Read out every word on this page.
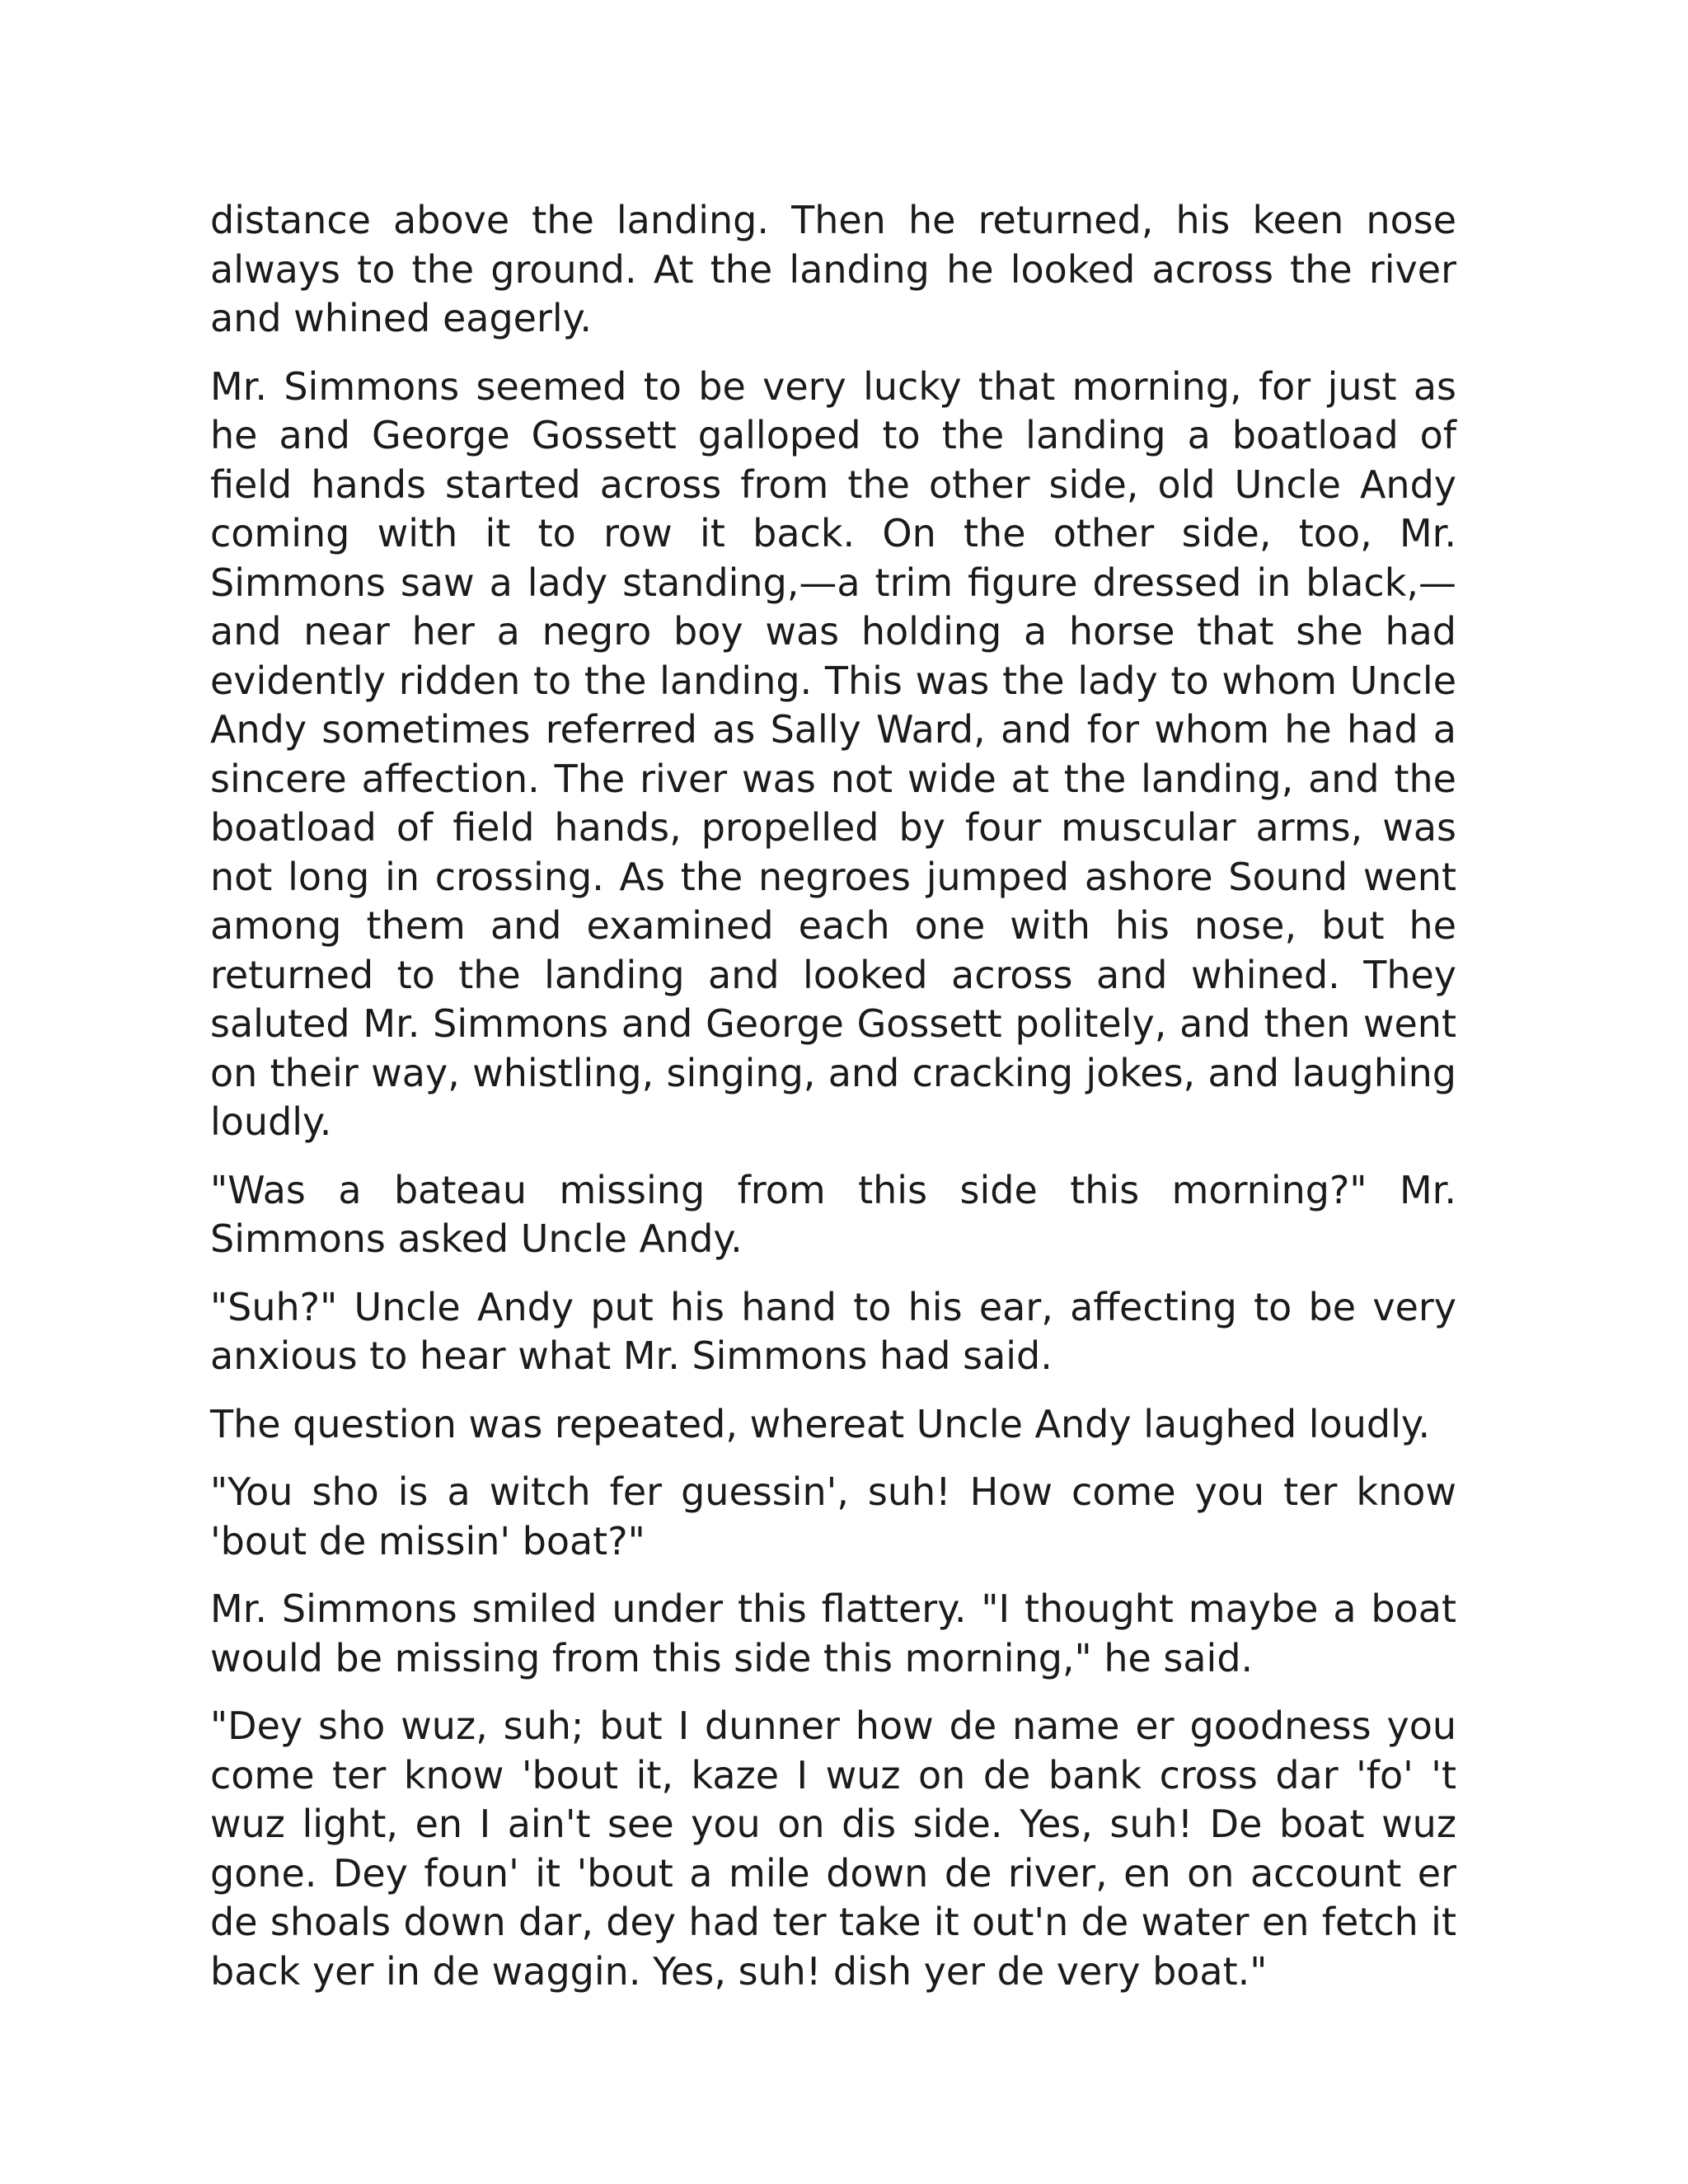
distance above the landing. Then he returned, his keen nose always to the ground. At the landing he looked across the river and whined eagerly.

Mr. Simmons seemed to be very lucky that morning, for just as he and George Gossett galloped to the landing a boatload of field hands started across from the other side, old Uncle Andy coming with it to row it back. On the other side, too, Mr. Simmons saw a lady standing,—a trim figure dressed in black,—and near her a negro boy was holding a horse that she had evidently ridden to the landing. This was the lady to whom Uncle Andy sometimes referred as Sally Ward, and for whom he had a sincere affection. The river was not wide at the landing, and the boatload of field hands, propelled by four muscular arms, was not long in crossing. As the negroes jumped ashore Sound went among them and examined each one with his nose, but he returned to the landing and looked across and whined. They saluted Mr. Simmons and George Gossett politely, and then went on their way, whistling, singing, and cracking jokes, and laughing loudly.

"Was a bateau missing from this side this morning?" Mr. Simmons asked Uncle Andy.

"Suh?" Uncle Andy put his hand to his ear, affecting to be very anxious to hear what Mr. Simmons had said.

The question was repeated, whereat Uncle Andy laughed loudly.

"You sho is a witch fer guessin', suh! How come you ter know 'bout de missin' boat?"

Mr. Simmons smiled under this flattery. "I thought maybe a boat would be missing from this side this morning," he said.

"Dey sho wuz, suh; but I dunner how de name er goodness you come ter know 'bout it, kaze I wuz on de bank cross dar 'fo' 't wuz light, en I ain't see you on dis side. Yes, suh! De boat wuz gone. Dey foun' it 'bout a mile down de river, en on account er de shoals down dar, dey had ter take it out'n de water en fetch it back yer in de waggin. Yes, suh! dish yer de very boat."
